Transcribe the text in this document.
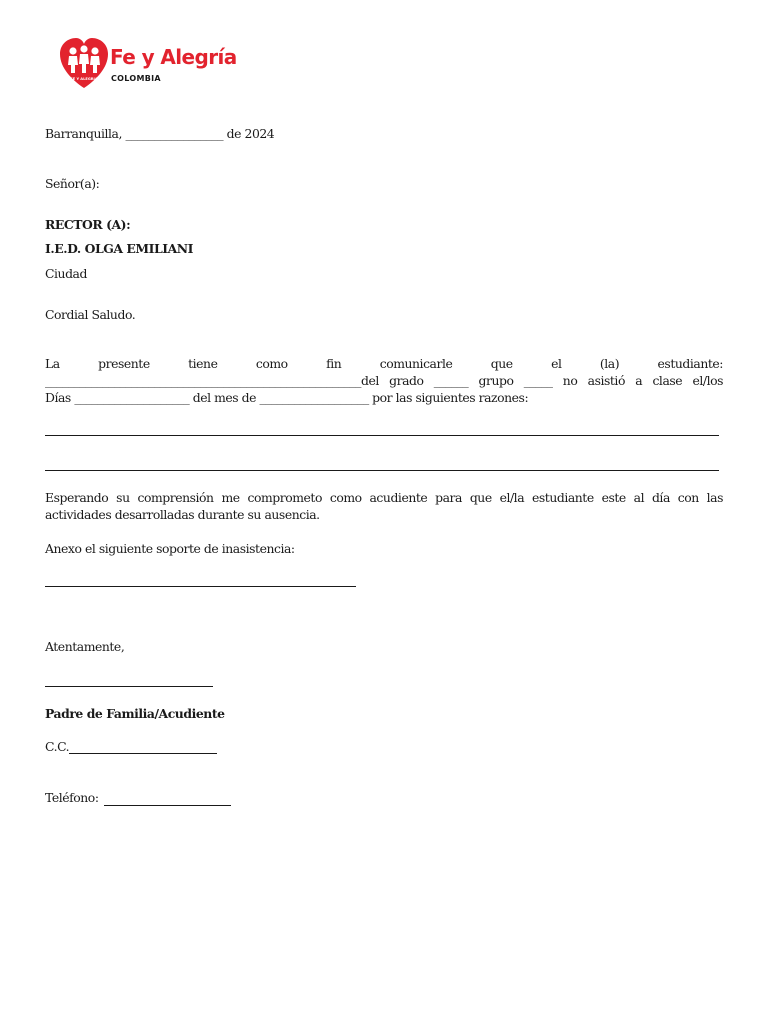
FE Y ALEGRIA
Fe y Alegría
COLOMBIA

Barranquilla, _________________ de 2024

Señor(a):

RECTOR (A):

I.E.D. OLGA EMILIANI

Ciudad

Cordial Saludo.

La presente tiene como fin comunicarle que el (la) estudiante:

_______________________________________________________del grado ______ grupo _____ no asistió a clase el/los

Días ____________________ del mes de ___________________ por las siguientes razones:

Esperando su comprensión me comprometo como acudiente para que el/la estudiante este al día con las actividades desarrolladas durante su ausencia.

Anexo el siguiente soporte de inasistencia:

Atentamente,

Padre de Familia/Acudiente

C.C.

Teléfono:
